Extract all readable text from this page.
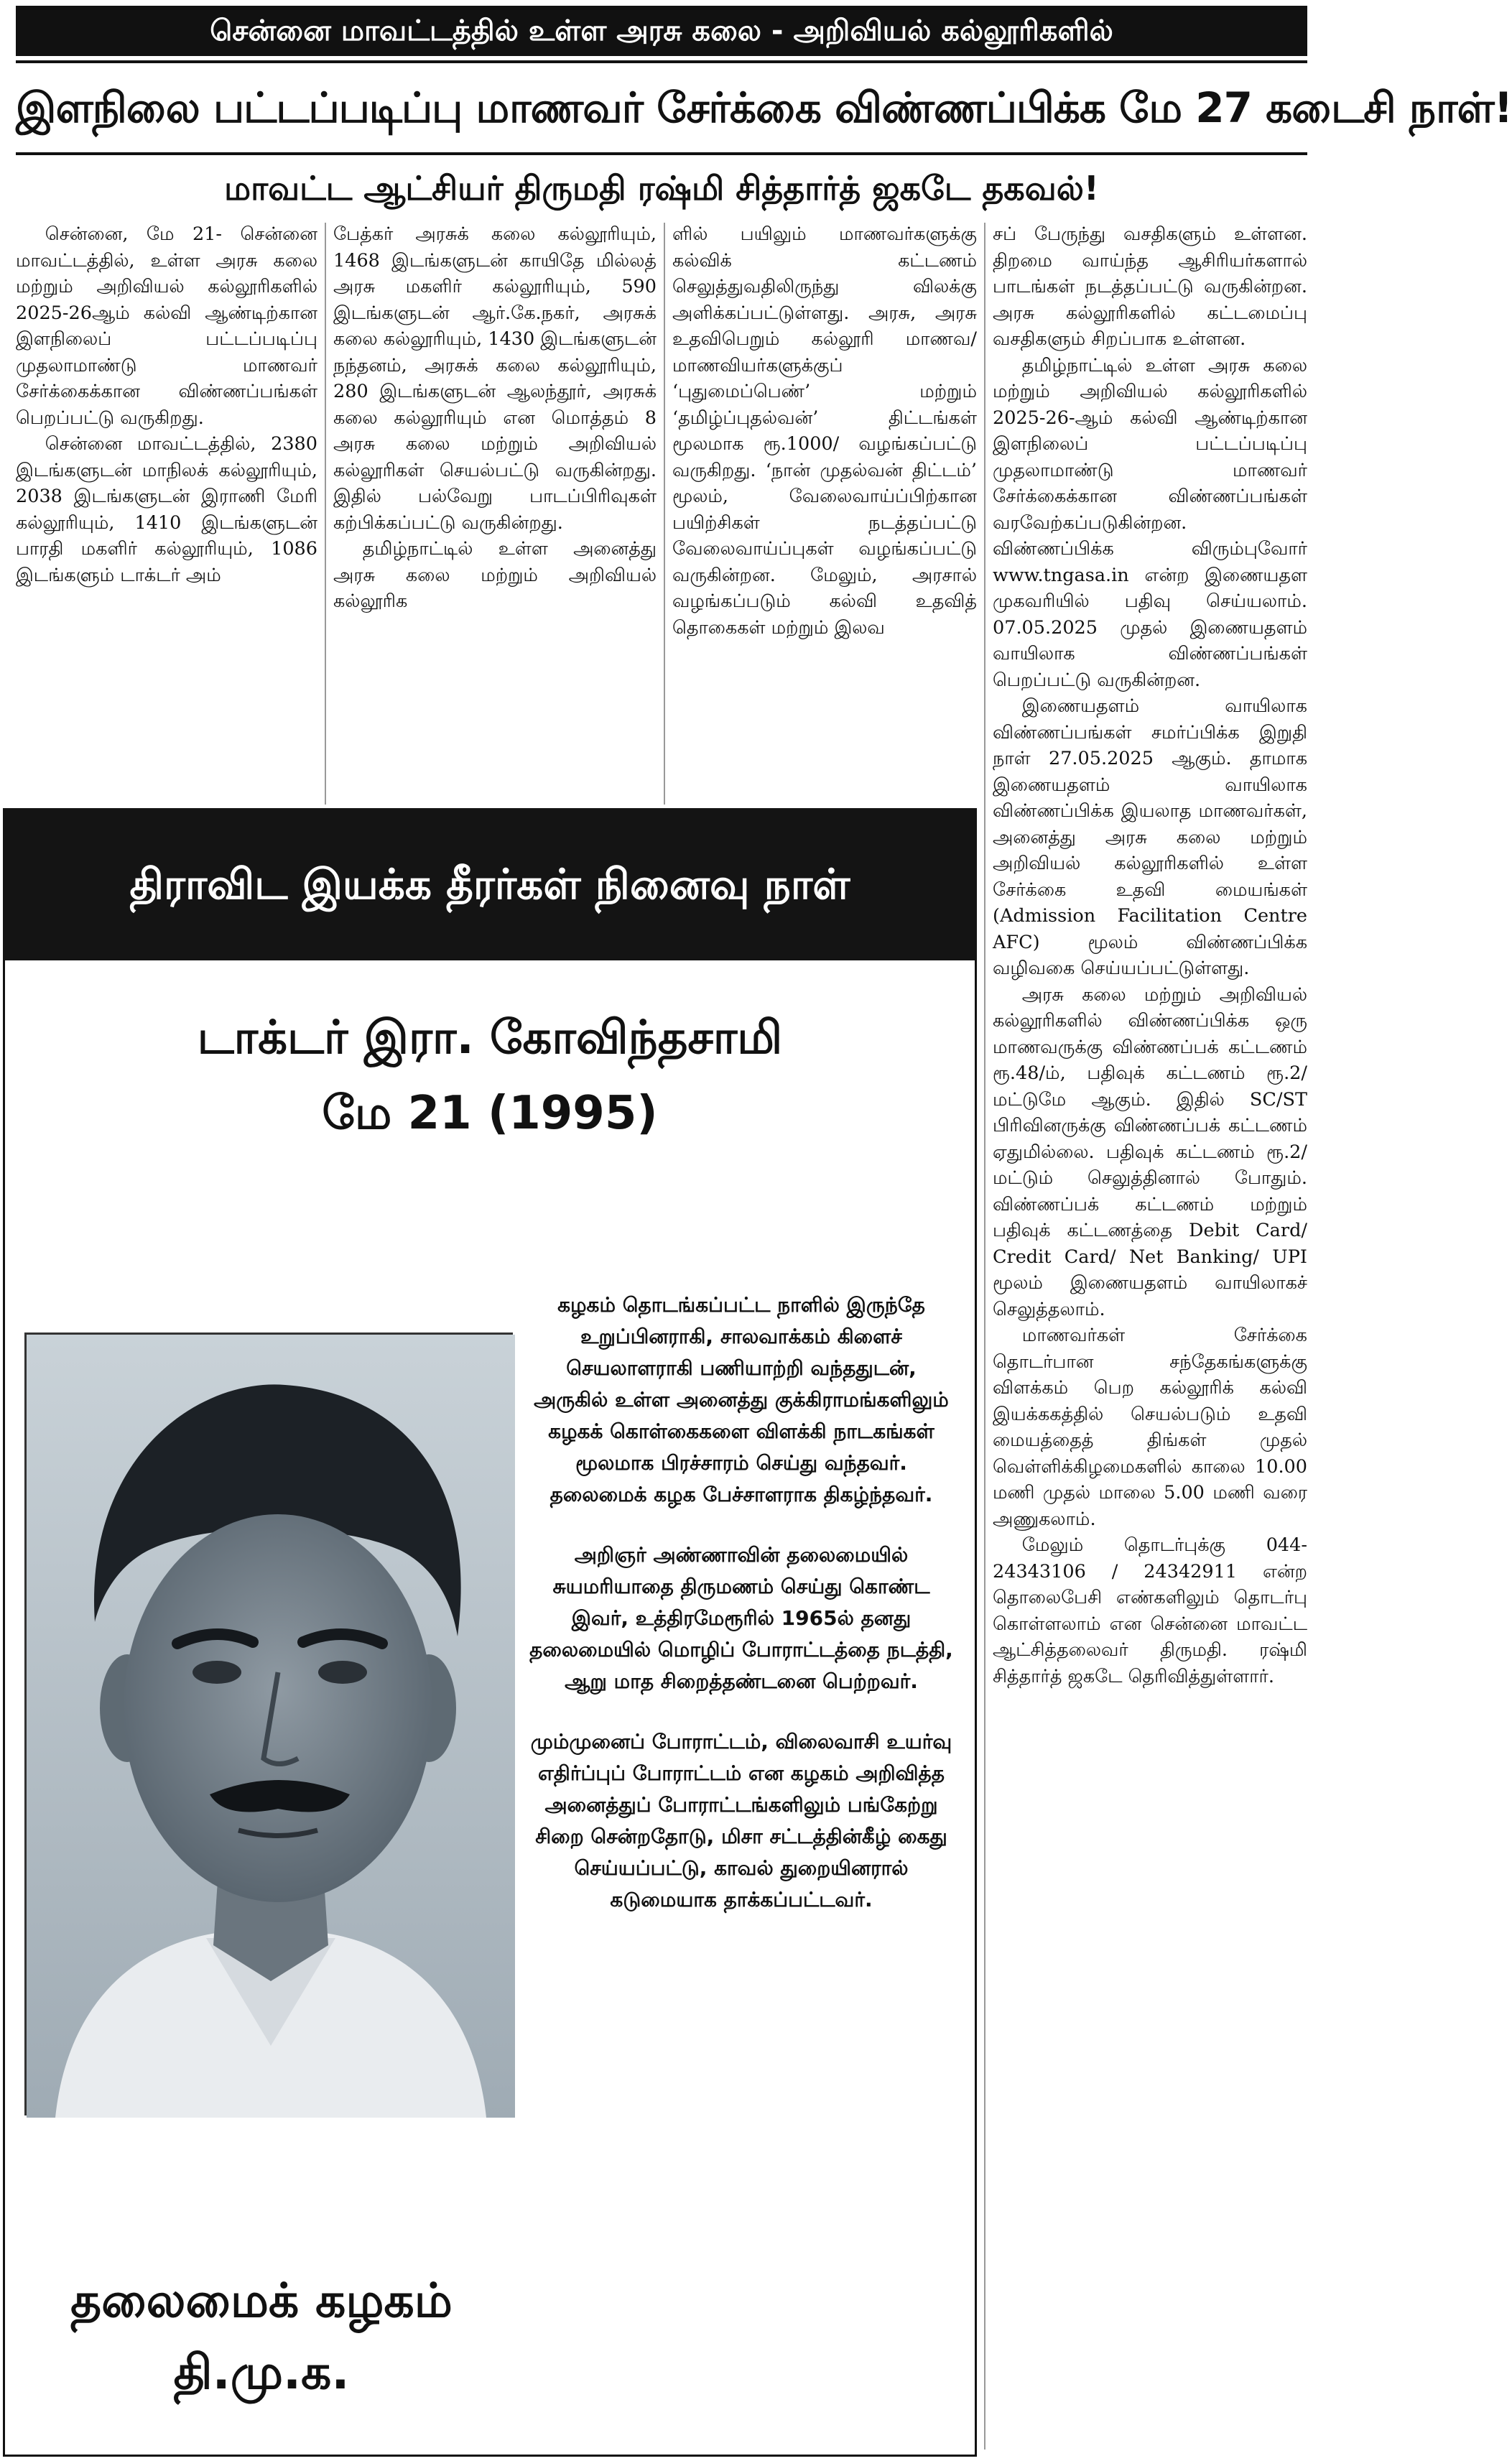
சென்னை மாவட்டத்தில் உள்ள அரசு கலை - அறிவியல் கல்லூரிகளில்
இளநிலை பட்டப்படிப்பு மாணவர் சேர்க்கை விண்ணப்பிக்க மே 27 கடைசி நாள்!
மாவட்ட ஆட்சியர் திருமதி ரஷ்மி சித்தார்த் ஜகடே தகவல்!

சென்னை, மே 21- சென்னை மாவட்டத்தில், உள்ள அரசு கலை மற்றும் அறிவியல் கல்லூரிகளில் 2025-26ஆம் கல்வி ஆண்டிற்கான இளநிலைப் பட்டப்படிப்பு முதலாமாண்டு மாணவர் சேர்க்கைக்கான விண்ணப்பங்கள் பெறப்பட்டு வருகிறது.

சென்னை மாவட்டத்தில், 2380 இடங்களுடன் மாநிலக் கல்லூரியும், 2038 இடங்களுடன் இராணி மேரி கல்லூரியும், 1410 இடங்களுடன் பாரதி மகளிர் கல்லூரியும், 1086 இடங்களும் டாக்டர் அம்

பேத்கர் அரசுக் கலை கல்லூரியும், 1468 இடங்களுடன் காயிதே மில்லத் அரசு மகளிர் கல்லூரியும், 590 இடங்களுடன் ஆர்.கே.நகர், அரசுக் கலை கல்லூரியும், 1430 இடங்களுடன் நந்தனம், அரசுக் கலை கல்லூரியும், 280 இடங்களுடன் ஆலந்தூர், அரசுக் கலை கல்லூரியும் என மொத்தம் 8 அரசு கலை மற்றும் அறிவியல் கல்லூரிகள் செயல்பட்டு வருகின்றது. இதில் பல்வேறு பாடப்பிரிவுகள் கற்பிக்கப்பட்டு வருகின்றது.

தமிழ்நாட்டில் உள்ள அனைத்து அரசு கலை மற்றும் அறிவியல் கல்லூரிக

ளில் பயிலும் மாணவர்களுக்கு கல்விக் கட்டணம் செலுத்துவதிலிருந்து விலக்கு அளிக்கப்பட்டுள்ளது. அரசு, அரசு உதவிபெறும் கல்லூரி மாணவ/மாணவியர்களுக்குப் ‘புதுமைப்பெண்’ மற்றும் ‘தமிழ்ப்புதல்வன்’ திட்டங்கள் மூலமாக ரூ.1000/ வழங்கப்பட்டு வருகிறது. ‘நான் முதல்வன் திட்டம்’ மூலம், வேலைவாய்ப்பிற்கான பயிற்சிகள் நடத்தப்பட்டு வேலைவாய்ப்புகள் வழங்கப்பட்டு வருகின்றன. மேலும், அரசால் வழங்கப்படும் கல்வி உதவித் தொகைகள் மற்றும் இலவ

சப் பேருந்து வசதிகளும் உள்ளன. திறமை வாய்ந்த ஆசிரியர்களால் பாடங்கள் நடத்தப்பட்டு வருகின்றன. அரசு கல்லூரிகளில் கட்டமைப்பு வசதிகளும் சிறப்பாக உள்ளன.

தமிழ்நாட்டில் உள்ள அரசு கலை மற்றும் அறிவியல் கல்லூரிகளில் 2025-26-ஆம் கல்வி ஆண்டிற்கான இளநிலைப் பட்டப்படிப்பு முதலாமாண்டு மாணவர் சேர்க்கைக்கான விண்ணப்பங்கள் வரவேற்கப்படுகின்றன. விண்ணப்பிக்க விரும்புவோர் www.tngasa.in என்ற இணையதள முகவரியில் பதிவு செய்யலாம். 07.05.2025 முதல் இணையதளம் வாயிலாக விண்ணப்பங்கள் பெறப்பட்டு வருகின்றன.

இணையதளம் வாயிலாக விண்ணப்பங்கள் சமர்ப்பிக்க இறுதி நாள் 27.05.2025 ஆகும். தாமாக இணையதளம் வாயிலாக விண்ணப்பிக்க இயலாத மாணவர்கள், அனைத்து அரசு கலை மற்றும் அறிவியல் கல்லூரிகளில் உள்ள சேர்க்கை உதவி மையங்கள் (Admission Facilitation Centre AFC) மூலம் விண்ணப்பிக்க வழிவகை செய்யப்பட்டுள்ளது.

அரசு கலை மற்றும் அறிவியல் கல்லூரிகளில் விண்ணப்பிக்க ஒரு மாணவருக்கு விண்ணப்பக் கட்டணம் ரூ.48/ம், பதிவுக் கட்டணம் ரூ.2/ மட்டுமே ஆகும். இதில் SC/ST பிரிவினருக்கு விண்ணப்பக் கட்டணம் ஏதுமில்லை. பதிவுக் கட்டணம் ரூ.2/ மட்டும் செலுத்தினால் போதும். விண்ணப்பக் கட்டணம் மற்றும் பதிவுக் கட்டணத்தை Debit Card/ Credit Card/ Net Banking/ UPI மூலம் இணையதளம் வாயிலாகச் செலுத்தலாம்.

மாணவர்கள் சேர்க்கை தொடர்பான சந்தேகங்களுக்கு விளக்கம் பெற கல்லூரிக் கல்வி இயக்ககத்தில் செயல்படும் உதவி மையத்தைத் திங்கள் முதல் வெள்ளிக்கிழமைகளில் காலை 10.00 மணி முதல் மாலை 5.00 மணி வரை அணுகலாம்.

மேலும் தொடர்புக்கு 044-24343106 / 24342911 என்ற தொலைபேசி எண்களிலும் தொடர்பு கொள்ளலாம் என சென்னை மாவட்ட ஆட்சித்தலைவர் திருமதி. ரஷ்மி சித்தார்த் ஜகடே தெரிவித்துள்ளார்.

திராவிட இயக்க தீரர்கள் நினைவு நாள்
டாக்டர் இரா. கோவிந்தசாமி
மே 21 (1995)

கழகம் தொடங்கப்பட்ட நாளில் இருந்தே உறுப்பினராகி, சாலவாக்கம் கிளைச் செயலாளராகி பணியாற்றி வந்ததுடன், அருகில் உள்ள அனைத்து குக்கிராமங்களிலும் கழகக் கொள்கைகளை விளக்கி நாடகங்கள் மூலமாக பிரச்சாரம் செய்து வந்தவர். தலைமைக் கழக பேச்சாளராக திகழ்ந்தவர்.

அறிஞர் அண்ணாவின் தலைமையில் சுயமரியாதை திருமணம் செய்து கொண்ட இவர், உத்திரமேரூரில் 1965ல் தனது தலைமையில் மொழிப் போராட்டத்தை நடத்தி, ஆறு மாத சிறைத்தண்டனை பெற்றவர்.

மும்முனைப் போராட்டம், விலைவாசி உயர்வு எதிர்ப்புப் போராட்டம் என கழகம் அறிவித்த அனைத்துப் போராட்டங்களிலும் பங்கேற்று சிறை சென்றதோடு, மிசா சட்டத்தின்கீழ் கைது செய்யப்பட்டு, காவல் துறையினரால் கடுமையாக தாக்கப்பட்டவர்.

தலைமைக் கழகம்
தி.மு.க.
